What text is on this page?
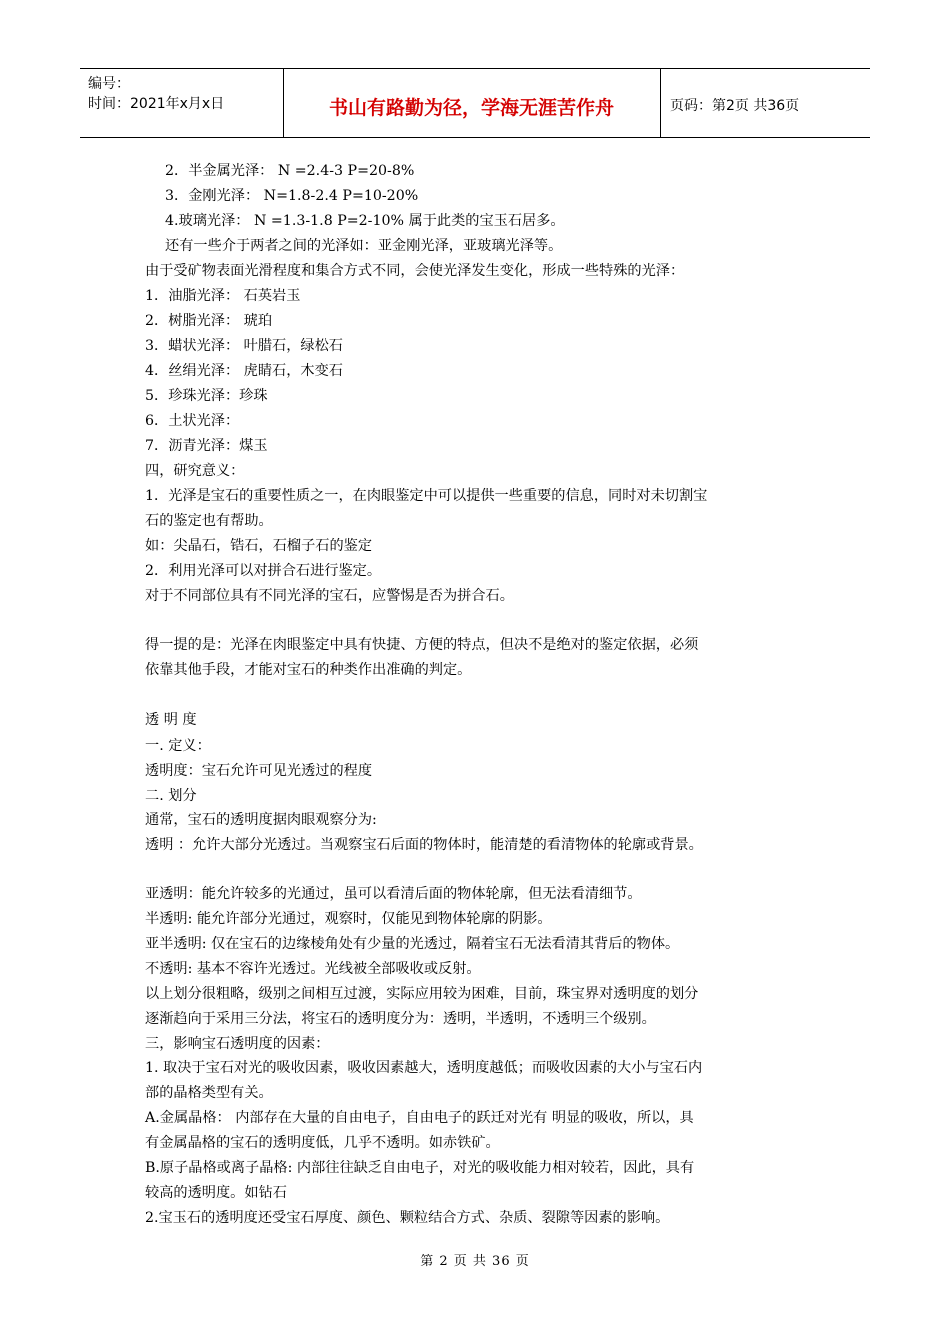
编号：
时间：2021年x月x日	书山有路勤为径，学海无涯苦作舟	页码：第2页 共36页
2．半金属光泽： N =2.4-3 P=20-8%
3．金刚光泽： N=1.8-2.4 P=10-20%
4.玻璃光泽： N =1.3-1.8 P=2-10% 属于此类的宝玉石居多。
还有一些介于两者之间的光泽如：亚金刚光泽，亚玻璃光泽等。
由于受矿物表面光滑程度和集合方式不同，会使光泽发生变化，形成一些特殊的光泽：
1．油脂光泽： 石英岩玉
2．树脂光泽： 琥珀
3．蜡状光泽： 叶腊石，绿松石
4．丝绢光泽： 虎睛石，木变石
5．珍珠光泽：珍珠
6．土状光泽：
7．沥青光泽：煤玉
四，研究意义：
1．光泽是宝石的重要性质之一，在肉眼鉴定中可以提供一些重要的信息，同时对未切割宝
石的鉴定也有帮助。
如：尖晶石，锆石，石榴子石的鉴定
2．利用光泽可以对拼合石进行鉴定。
对于不同部位具有不同光泽的宝石，应警惕是否为拼合石。
得一提的是：光泽在肉眼鉴定中具有快捷、方便的特点，但决不是绝对的鉴定依据，必须
依靠其他手段，才能对宝石的种类作出准确的判定。
透 明 度
一. 定义：
透明度：宝石允许可见光透过的程度
二. 划分
通常，宝石的透明度据肉眼观察分为:
透明 ：允许大部分光透过。当观察宝石后面的物体时，能清楚的看清物体的轮廓或背景。
亚透明：能允许较多的光通过，虽可以看清后面的物体轮廓，但无法看清细节。
半透明: 能允许部分光通过，观察时，仅能见到物体轮廓的阴影。
亚半透明: 仅在宝石的边缘棱角处有少量的光透过，隔着宝石无法看清其背后的物体。
不透明: 基本不容许光透过。光线被全部吸收或反射。
以上划分很粗略，级别之间相互过渡，实际应用较为困难，目前，珠宝界对透明度的划分
逐渐趋向于采用三分法，将宝石的透明度分为：透明，半透明，不透明三个级别。
三，影响宝石透明度的因素：
1. 取决于宝石对光的吸收因素，吸收因素越大，透明度越低；而吸收因素的大小与宝石内
部的晶格类型有关。
A.金属晶格： 内部存在大量的自由电子，自由电子的跃迁对光有 明显的吸收，所以，具
有金属晶格的宝石的透明度低，几乎不透明。如赤铁矿。
B.原子晶格或离子晶格: 内部往往缺乏自由电子，对光的吸收能力相对较若，因此，具有
较高的透明度。如钻石
2.宝玉石的透明度还受宝石厚度、颜色、颗粒结合方式、杂质、裂隙等因素的影响。
第 2 页 共 36 页
